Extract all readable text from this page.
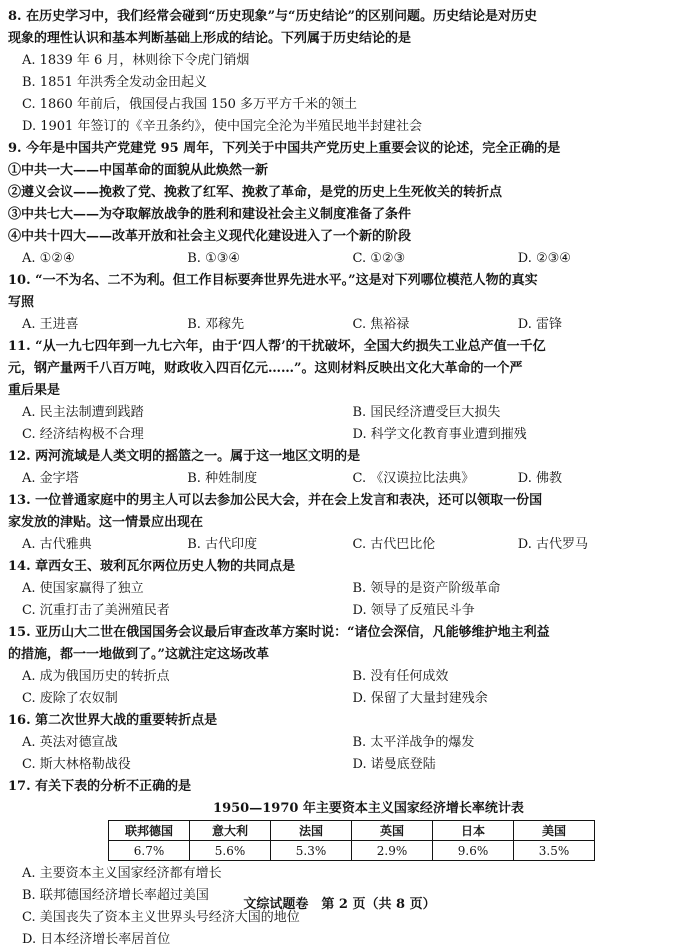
8. 在历史学习中，我们经常会碰到“历史现象”与“历史结论”的区别问题。历史结论是对历史
现象的理性认识和基本判断基础上形成的结论。下列属于历史结论的是
A. 1839 年 6 月，林则徐下令虎门销烟
B. 1851 年洪秀全发动金田起义
C. 1860 年前后，俄国侵占我国 150 多万平方千米的领土
D. 1901 年签订的《辛丑条约》，使中国完全沦为半殖民地半封建社会
9. 今年是中国共产党建党 95 周年，下列关于中国共产党历史上重要会议的论述，完全正确的是
①中共一大——中国革命的面貌从此焕然一新
②遵义会议——挽救了党、挽救了红军、挽救了革命，是党的历史上生死攸关的转折点
③中共七大——为夺取解放战争的胜利和建设社会主义制度准备了条件
④中共十四大——改革开放和社会主义现代化建设进入了一个新的阶段
A. ①②④	B. ①③④	C. ①②③	D. ②③④
10. “一不为名、二不为利。但工作目标要奔世界先进水平。”这是对下列哪位模范人物的真实
写照
A. 王进喜	B. 邓稼先	C. 焦裕禄	D. 雷锋
11. “从一九七四年到一九七六年，由于‘四人帮’的干扰破坏，全国大约损失工业总产值一千亿
元，钢产量两千八百万吨，财政收入四百亿元……”。这则材料反映出文化大革命的一个严
重后果是
A. 民主法制遭到践踏	B. 国民经济遭受巨大损失
C. 经济结构极不合理	D. 科学文化教育事业遭到摧残
12. 两河流域是人类文明的摇篮之一。属于这一地区文明的是
A. 金字塔	B. 种姓制度	C. 《汉谟拉比法典》	D. 佛教
13. 一位普通家庭中的男主人可以去参加公民大会，并在会上发言和表决，还可以领取一份国
家发放的津贴。这一情景应出现在
A. 古代雅典	B. 古代印度	C. 古代巴比伦	D. 古代罗马
14. 章西女王、玻利瓦尔两位历史人物的共同点是
A. 使国家赢得了独立	B. 领导的是资产阶级革命
C. 沉重打击了美洲殖民者	D. 领导了反殖民斗争
15. 亚历山大二世在俄国国务会议最后审查改革方案时说：“诸位会深信，凡能够维护地主利益
的措施，都一一地做到了。”这就注定这场改革
A. 成为俄国历史的转折点	B. 没有任何成效
C. 废除了农奴制	D. 保留了大量封建残余
16. 第二次世界大战的重要转折点是
A. 英法对德宣战	B. 太平洋战争的爆发
C. 斯大林格勒战役	D. 诺曼底登陆
17. 有关下表的分析不正确的是
1950—1970 年主要资本主义国家经济增长率统计表
联邦德国	意大利	法国	英国	日本	美国
6.7%	5.6%	5.3%	2.9%	9.6%	3.5%
A. 主要资本主义国家经济都有增长
B. 联邦德国经济增长率超过美国
C. 美国丧失了资本主义世界头号经济大国的地位
D. 日本经济增长率居首位
文综试题卷　第 2 页（共 8 页）
